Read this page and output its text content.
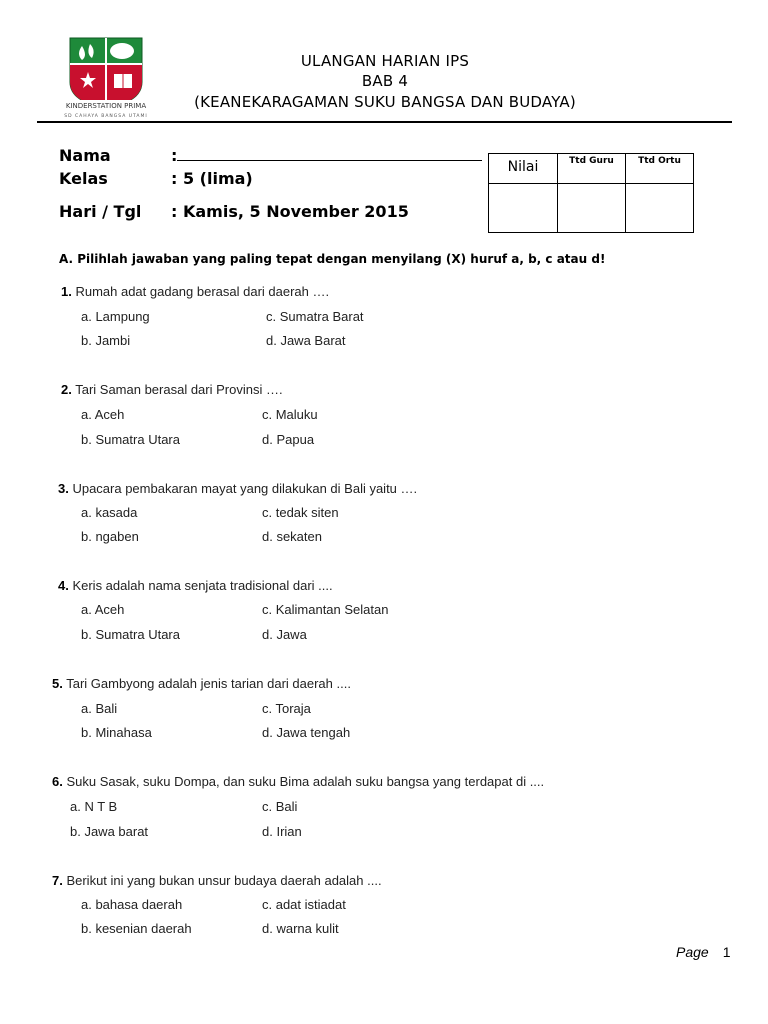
KINDERSTATION PRIMA
SD CAHAYA BANGSA UTAMI
ULANGAN HARIAN IPS
BAB 4
(KEANEKARAGAMAN SUKU BANGSA DAN BUDAYA)
Nama	:
Kelas	: 5 (lima)
Hari / Tgl : Kamis, 5 November 2015
Nilai	Ttd Guru	Ttd Ortu

A. Pilihlah jawaban yang paling tepat dengan menyilang (X) huruf a, b, c atau d!
1. Rumah adat gadang berasal dari daerah ….
a. Lampung	c. Sumatra Barat
b. Jambi	d. Jawa Barat
2. Tari Saman berasal dari Provinsi ….
a. Aceh	c. Maluku
b. Sumatra Utara	d. Papua
3. Upacara pembakaran mayat yang dilakukan di Bali yaitu ….
a. kasada	c. tedak siten
b. ngaben	d. sekaten
4. Keris adalah nama senjata tradisional dari ....
a. Aceh	c. Kalimantan Selatan
b. Sumatra Utara	d. Jawa
5. Tari Gambyong adalah jenis tarian dari daerah ....
a. Bali	c. Toraja
b. Minahasa	d. Jawa tengah
6. Suku Sasak, suku Dompa, dan suku Bima adalah suku bangsa yang terdapat di ....
a. N T B	c. Bali
b. Jawa barat	d. Irian
7. Berikut ini yang bukan unsur budaya daerah adalah ....
a. bahasa daerah	c. adat istiadat
b. kesenian daerah	d. warna kulit
Page 1
